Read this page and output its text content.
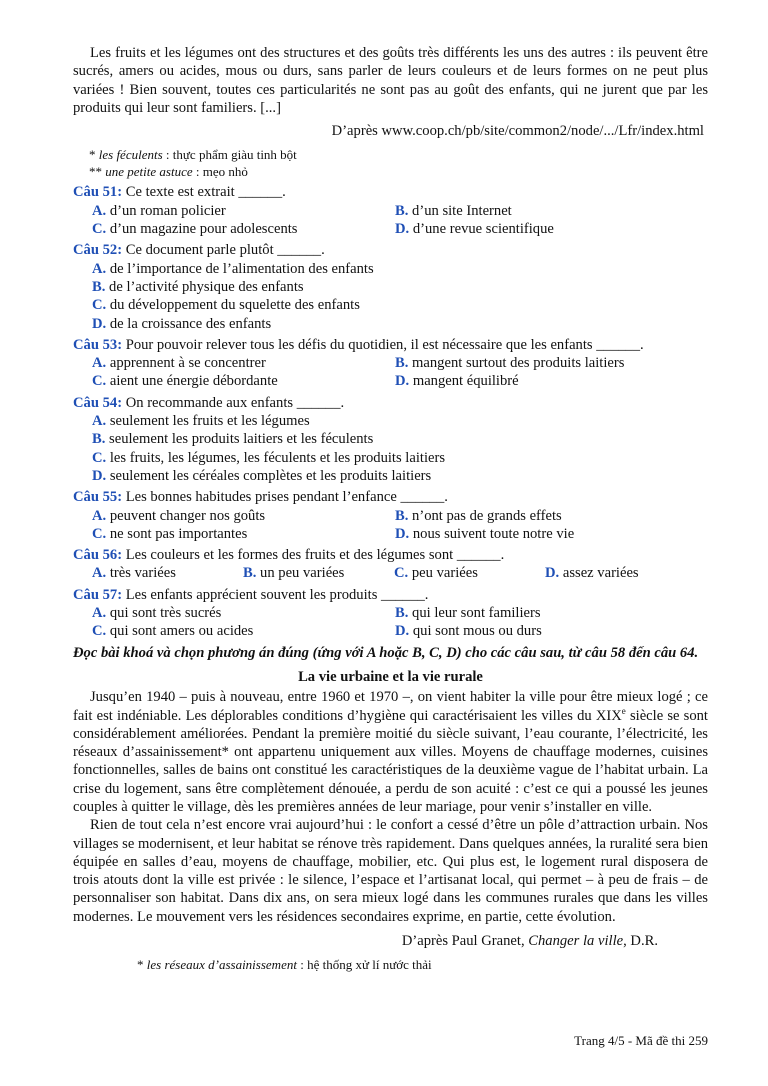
Les fruits et les légumes ont des structures et des goûts très différents les uns des autres : ils peuvent être sucrés, amers ou acides, mous ou durs, sans parler de leurs couleurs et de leurs formes on ne peut plus variées ! Bien souvent, toutes ces particularités ne sont pas au goût des enfants, qui ne jurent que par les produits qui leur sont familiers. [...]

D’après www.coop.ch/pb/site/common2/node/.../Lfr/index.html

* les féculents : thực phẩm giàu tinh bột

** une petite astuce : mẹo nhỏ

Câu 51: Ce texte est extrait ______.

A. d’un roman policier	B. d’un site Internet
C. d’un magazine pour adolescents	D. d’une revue scientifique

Câu 52: Ce document parle plutôt ______.

A. de l’importance de l’alimentation des enfants
B. de l’activité physique des enfants
C. du développement du squelette des enfants
D. de la croissance des enfants

Câu 53: Pour pouvoir relever tous les défis du quotidien, il est nécessaire que les enfants ______.

A. apprennent à se concentrer	B. mangent surtout des produits laitiers
C. aient une énergie débordante	D. mangent équilibré

Câu 54: On recommande aux enfants ______.

A. seulement les fruits et les légumes
B. seulement les produits laitiers et les féculents
C. les fruits, les légumes, les féculents et les produits laitiers
D. seulement les céréales complètes et les produits laitiers

Câu 55: Les bonnes habitudes prises pendant l’enfance ______.

A. peuvent changer nos goûts	B. n’ont pas de grands effets
C. ne sont pas importantes	D. nous suivent toute notre vie

Câu 56: Les couleurs et les formes des fruits et des légumes sont ______.

A. très variées	B. un peu variées	C. peu variées	D. assez variées

Câu 57: Les enfants apprécient souvent les produits ______.

A. qui sont très sucrés	B. qui leur sont familiers
C. qui sont amers ou acides	D. qui sont mous ou durs

Đọc bài khoá và chọn phương án đúng (ứng với A hoặc B, C, D) cho các câu sau, từ câu 58 đến câu 64.

La vie urbaine et la vie rurale

Jusqu’en 1940 – puis à nouveau, entre 1960 et 1970 –, on vient habiter la ville pour être mieux logé ; ce fait est indéniable. Les déplorables conditions d’hygiène qui caractérisaient les villes du XIXe siècle se sont considérablement améliorées. Pendant la première moitié du siècle suivant, l’eau courante, l’électricité, les réseaux d’assainissement* ont appartenu uniquement aux villes. Moyens de chauffage modernes, cuisines fonctionnelles, salles de bains ont constitué les caractéristiques de la deuxième vague de l’habitat urbain. La crise du logement, sans être complètement dénouée, a perdu de son acuité : c’est ce qui a poussé les jeunes couples à quitter le village, dès les premières années de leur mariage, pour venir s’installer en ville.

Rien de tout cela n’est encore vrai aujourd’hui : le confort a cessé d’être un pôle d’attraction urbain. Nos villages se modernisent, et leur habitat se rénove très rapidement. Dans quelques années, la ruralité sera bien équipée en salles d’eau, moyens de chauffage, mobilier, etc. Qui plus est, le logement rural disposera de trois atouts dont la ville est privée : le silence, l’espace et l’artisanat local, qui permet – à peu de frais – de personnaliser son habitat. Dans dix ans, on sera mieux logé dans les communes rurales que dans les villes modernes. Le mouvement vers les résidences secondaires exprime, en partie, cette évolution.

D’après Paul Granet, Changer la ville, D.R.

* les réseaux d’assainissement : hệ thống xử lí nước thải

Trang 4/5 - Mã đề thi 259
